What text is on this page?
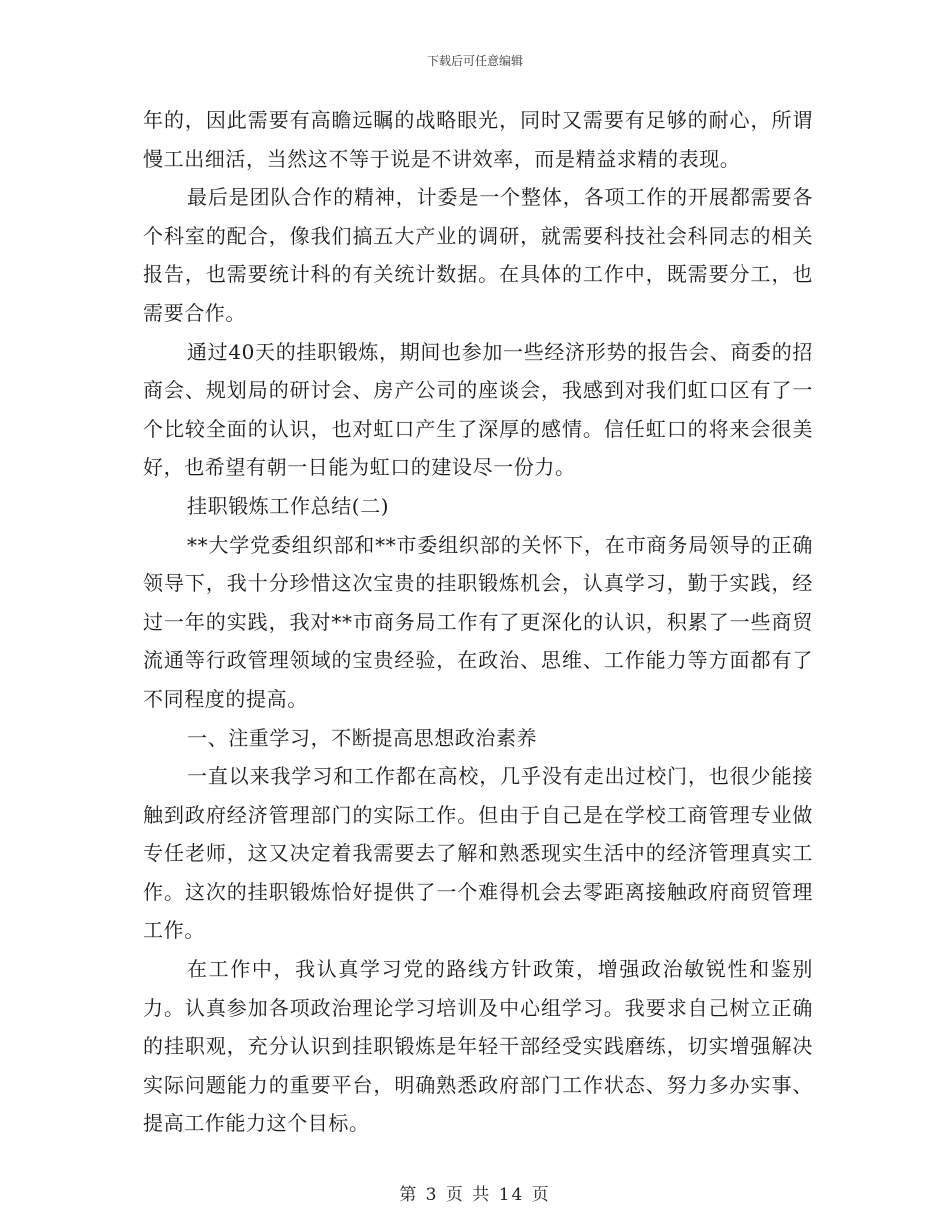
下载后可任意编辑

年的，因此需要有高瞻远瞩的战略眼光，同时又需要有足够的耐心，所谓慢工出细活，当然这不等于说是不讲效率，而是精益求精的表现。

最后是团队合作的精神，计委是一个整体，各项工作的开展都需要各个科室的配合，像我们搞五大产业的调研，就需要科技社会科同志的相关报告，也需要统计科的有关统计数据。在具体的工作中，既需要分工，也需要合作。

通过40天的挂职锻炼，期间也参加一些经济形势的报告会、商委的招商会、规划局的研讨会、房产公司的座谈会，我感到对我们虹口区有了一个比较全面的认识，也对虹口产生了深厚的感情。信任虹口的将来会很美好，也希望有朝一日能为虹口的建设尽一份力。

挂职锻炼工作总结(二)

**大学党委组织部和**市委组织部的关怀下，在市商务局领导的正确领导下，我十分珍惜这次宝贵的挂职锻炼机会，认真学习，勤于实践，经过一年的实践，我对**市商务局工作有了更深化的认识，积累了一些商贸流通等行政管理领域的宝贵经验，在政治、思维、工作能力等方面都有了不同程度的提高。

一、注重学习，不断提高思想政治素养

一直以来我学习和工作都在高校，几乎没有走出过校门，也很少能接触到政府经济管理部门的实际工作。但由于自己是在学校工商管理专业做专任老师，这又决定着我需要去了解和熟悉现实生活中的经济管理真实工作。这次的挂职锻炼恰好提供了一个难得机会去零距离接触政府商贸管理工作。

在工作中，我认真学习党的路线方针政策，增强政治敏锐性和鉴别力。认真参加各项政治理论学习培训及中心组学习。我要求自己树立正确的挂职观，充分认识到挂职锻炼是年轻干部经受实践磨练，切实增强解决实际问题能力的重要平台，明确熟悉政府部门工作状态、努力多办实事、提高工作能力这个目标。

第 3 页 共 14 页
